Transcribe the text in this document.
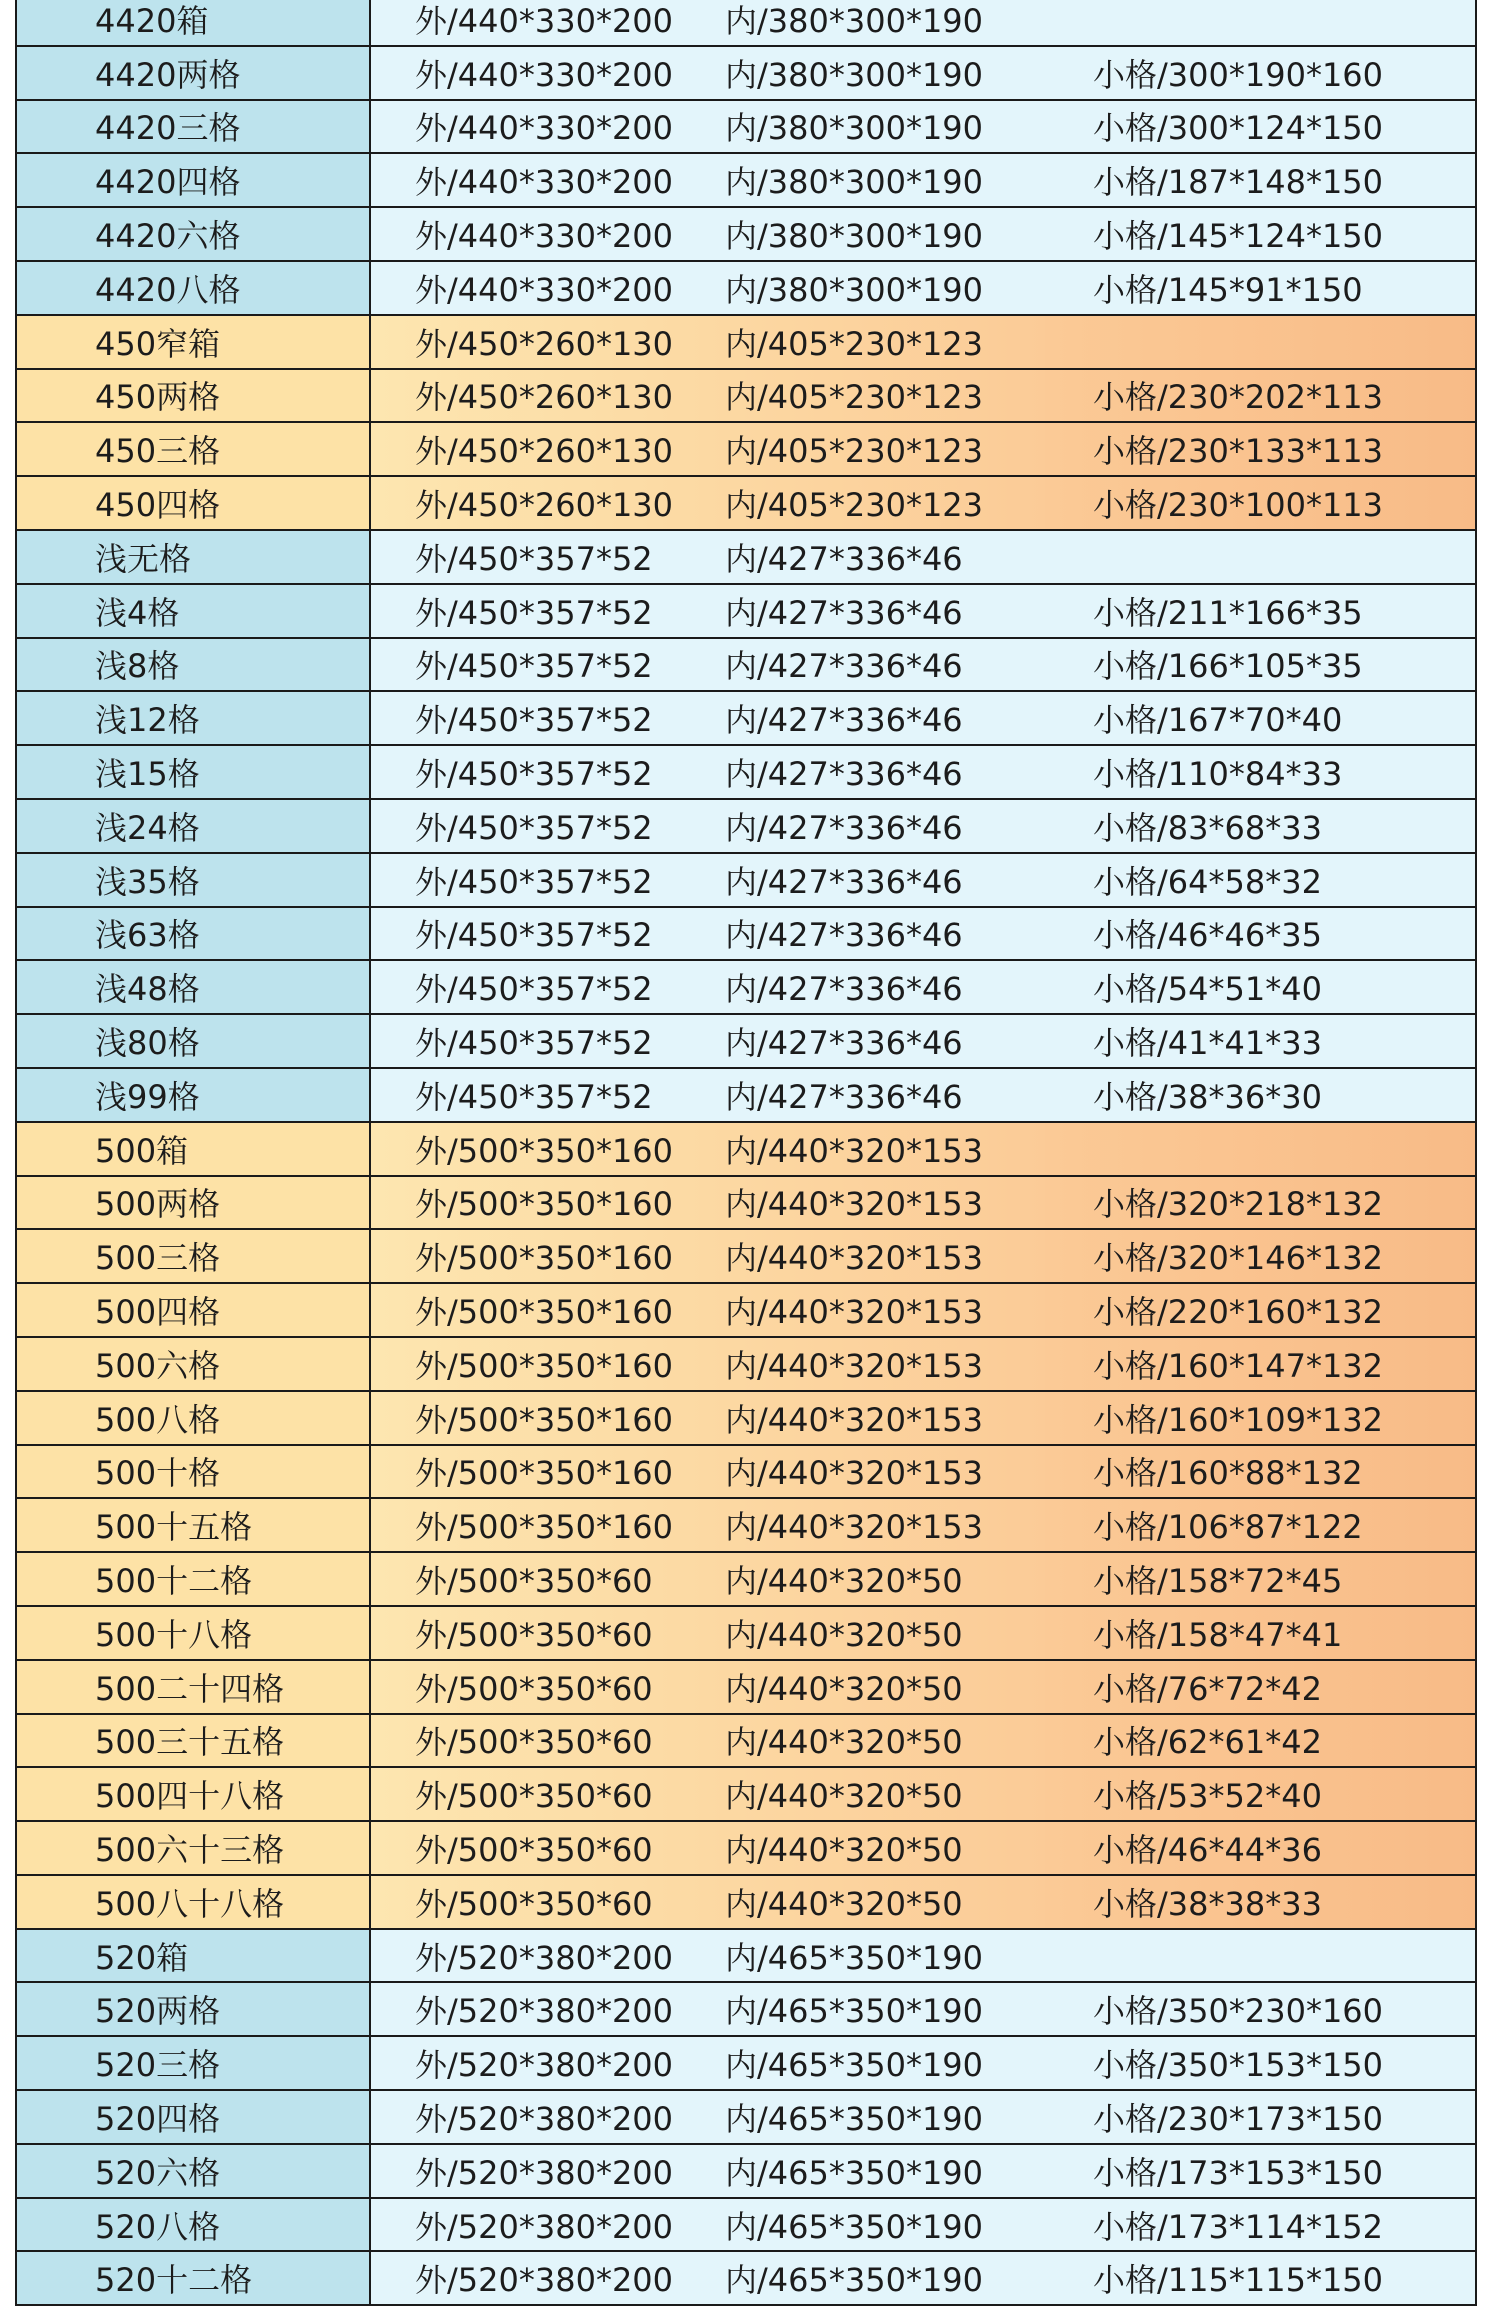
4420箱	外/440*330*200	内/380*300*190
4420两格	外/440*330*200	内/380*300*190	小格/300*190*160
4420三格	外/440*330*200	内/380*300*190	小格/300*124*150
4420四格	外/440*330*200	内/380*300*190	小格/187*148*150
4420六格	外/440*330*200	内/380*300*190	小格/145*124*150
4420八格	外/440*330*200	内/380*300*190	小格/145*91*150
450窄箱	外/450*260*130	内/405*230*123
450两格	外/450*260*130	内/405*230*123	小格/230*202*113
450三格	外/450*260*130	内/405*230*123	小格/230*133*113
450四格	外/450*260*130	内/405*230*123	小格/230*100*113
浅无格	外/450*357*52	内/427*336*46
浅4格	外/450*357*52	内/427*336*46	小格/211*166*35
浅8格	外/450*357*52	内/427*336*46	小格/166*105*35
浅12格	外/450*357*52	内/427*336*46	小格/167*70*40
浅15格	外/450*357*52	内/427*336*46	小格/110*84*33
浅24格	外/450*357*52	内/427*336*46	小格/83*68*33
浅35格	外/450*357*52	内/427*336*46	小格/64*58*32
浅63格	外/450*357*52	内/427*336*46	小格/46*46*35
浅48格	外/450*357*52	内/427*336*46	小格/54*51*40
浅80格	外/450*357*52	内/427*336*46	小格/41*41*33
浅99格	外/450*357*52	内/427*336*46	小格/38*36*30
500箱	外/500*350*160	内/440*320*153
500两格	外/500*350*160	内/440*320*153	小格/320*218*132
500三格	外/500*350*160	内/440*320*153	小格/320*146*132
500四格	外/500*350*160	内/440*320*153	小格/220*160*132
500六格	外/500*350*160	内/440*320*153	小格/160*147*132
500八格	外/500*350*160	内/440*320*153	小格/160*109*132
500十格	外/500*350*160	内/440*320*153	小格/160*88*132
500十五格	外/500*350*160	内/440*320*153	小格/106*87*122
500十二格	外/500*350*60	内/440*320*50	小格/158*72*45
500十八格	外/500*350*60	内/440*320*50	小格/158*47*41
500二十四格	外/500*350*60	内/440*320*50	小格/76*72*42
500三十五格	外/500*350*60	内/440*320*50	小格/62*61*42
500四十八格	外/500*350*60	内/440*320*50	小格/53*52*40
500六十三格	外/500*350*60	内/440*320*50	小格/46*44*36
500八十八格	外/500*350*60	内/440*320*50	小格/38*38*33
520箱	外/520*380*200	内/465*350*190
520两格	外/520*380*200	内/465*350*190	小格/350*230*160
520三格	外/520*380*200	内/465*350*190	小格/350*153*150
520四格	外/520*380*200	内/465*350*190	小格/230*173*150
520六格	外/520*380*200	内/465*350*190	小格/173*153*150
520八格	外/520*380*200	内/465*350*190	小格/173*114*152
520十二格	外/520*380*200	内/465*350*190	小格/115*115*150
